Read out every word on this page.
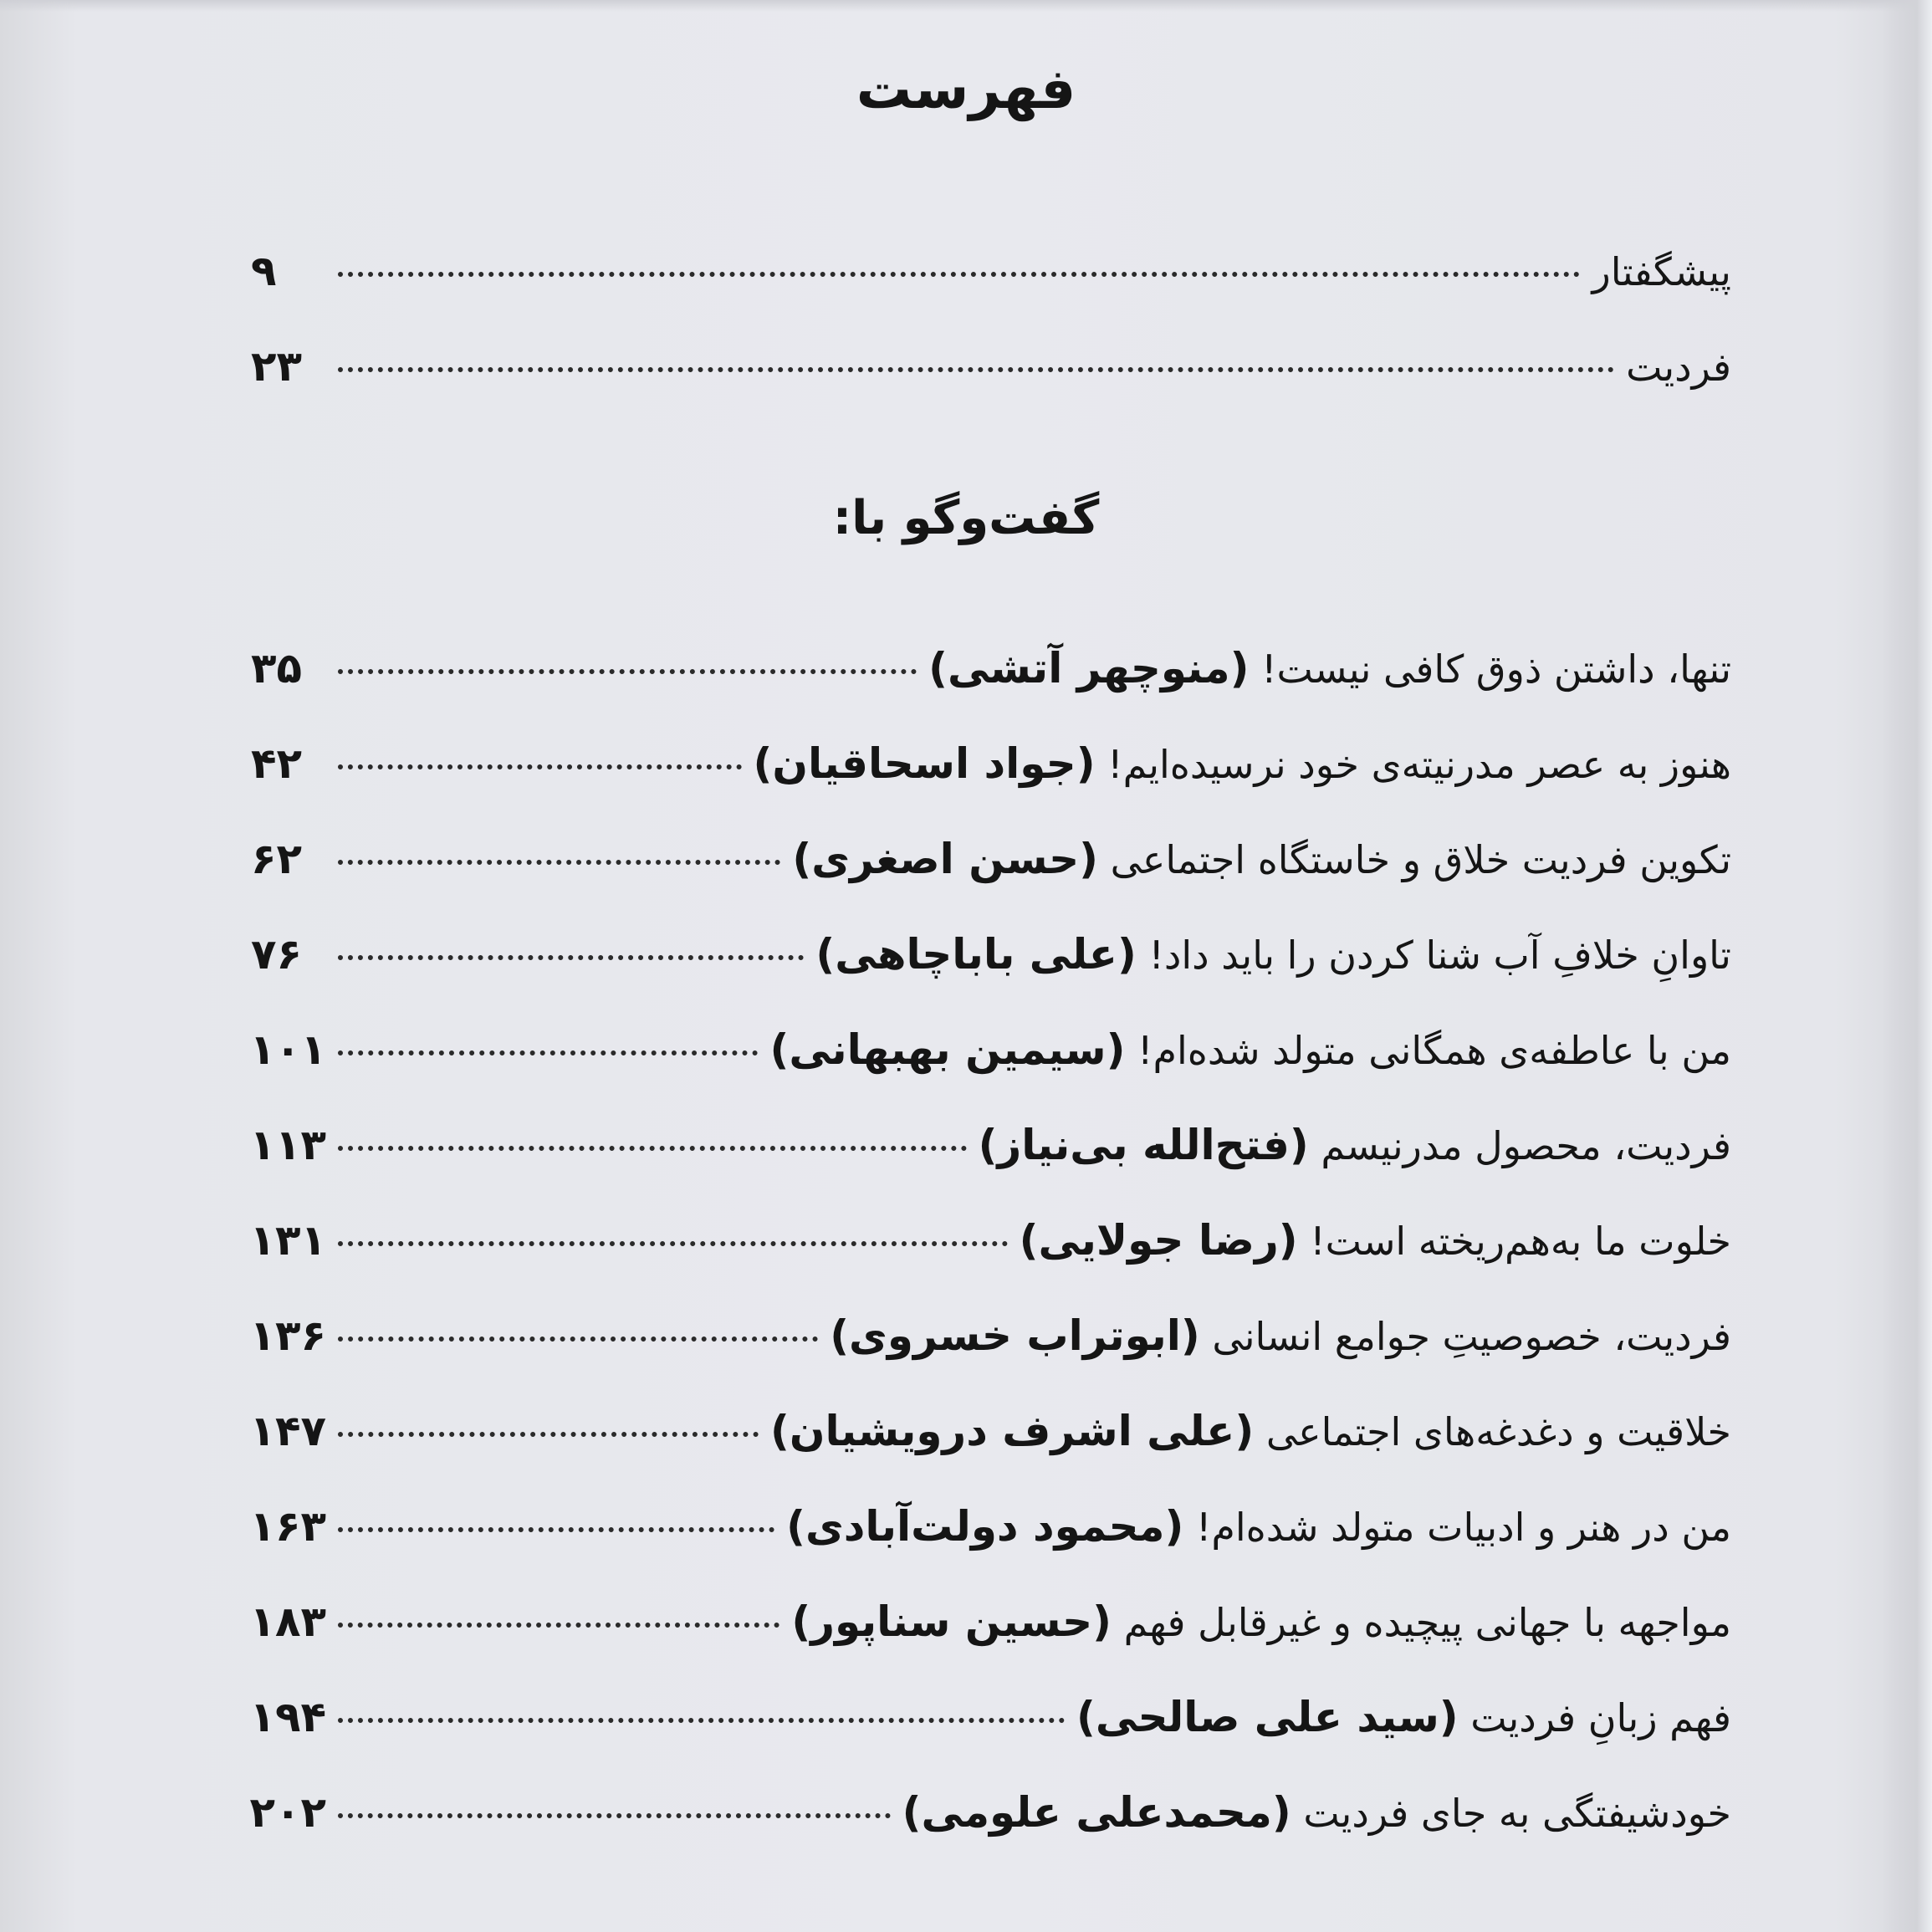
فهرست
۹	پیشگفتار
۲۳	فردیت
گفت‌وگو با:
۳۵	تنها، داشتن ذوق کافی نیست! (منوچهر آتشی)
۴۲	هنوز به عصر مدرنیته‌ی خود نرسیده‌ایم! (جواد اسحاقیان)
۶۲	تکوین فردیت خلاق و خاستگاه اجتماعی (حسن اصغری)
۷۶	تاوانِ خلافِ آب شنا کردن را باید داد! (علی باباچاهی)
۱۰۱	من با عاطفه‌ی همگانی متولد شده‌ام! (سیمین بهبهانی)
۱۱۳	فردیت، محصول مدرنیسم (فتح‌الله بی‌نیاز)
۱۳۱	خلوت ما به‌هم‌ریخته است! (رضا جولایی)
۱۳۶	فردیت، خصوصیتِ جوامع انسانی (ابوتراب خسروی)
۱۴۷	خلاقیت و دغدغه‌های اجتماعی (علی اشرف درویشیان)
۱۶۳	من در هنر و ادبیات متولد شده‌ام! (محمود دولت‌آبادی)
۱۸۳	مواجهه با جهانی پیچیده و غیرقابل فهم (حسین سناپور)
۱۹۴	فهم زبانِ فردیت (سید علی صالحی)
۲۰۲	خودشیفتگی به جای فردیت (محمدعلی علومی)
